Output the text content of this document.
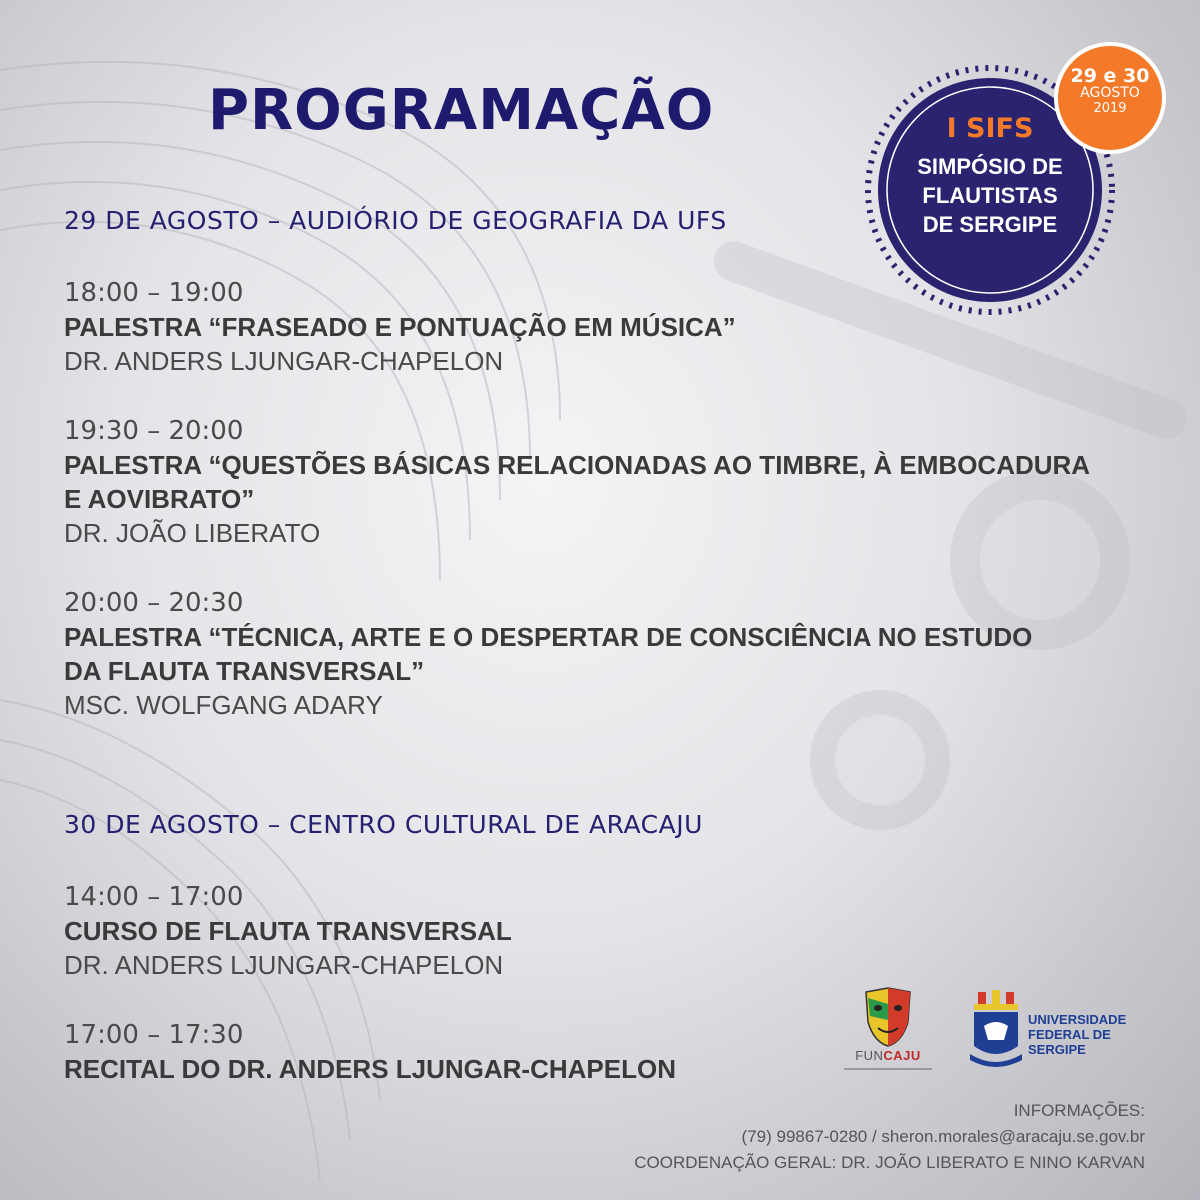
PROGRAMAÇÃO	I SIFS

SIMPÓSIO DE
FLAUTISTAS
DE SERGIPE

29 e 30
AGOSTO
2019
29 DE AGOSTO – AUDIÓRIO DE GEOGRAFIA DA UFS
18:00 – 19:00
PALESTRA “FRASEADO E PONTUAÇÃO EM MÚSICA”
DR. ANDERS LJUNGAR-CHAPELON
19:30 – 20:00
PALESTRA “QUESTÕES BÁSICAS RELACIONADAS AO TIMBRE, À EMBOCADURA
E AOVIBRATO”
DR. JOÃO LIBERATO
20:00 – 20:30
PALESTRA “TÉCNICA, ARTE E O DESPERTAR DE CONSCIÊNCIA NO ESTUDO
DA FLAUTA TRANSVERSAL”
MSC. WOLFGANG ADARY
30 DE AGOSTO – CENTRO CULTURAL DE ARACAJU
14:00 – 17:00
CURSO DE FLAUTA TRANSVERSAL
DR. ANDERS LJUNGAR-CHAPELON
17:00 – 17:30
RECITAL DO DR. ANDERS LJUNGAR-CHAPELON	FUNCAJU
UNIVERSIDADE
FEDERAL DE
SERGIPE
INFORMAÇÕES:
(79) 99867-0280 / sheron.morales@aracaju.se.gov.br
COORDENAÇÃO GERAL: DR. JOÃO LIBERATO E NINO KARVAN
